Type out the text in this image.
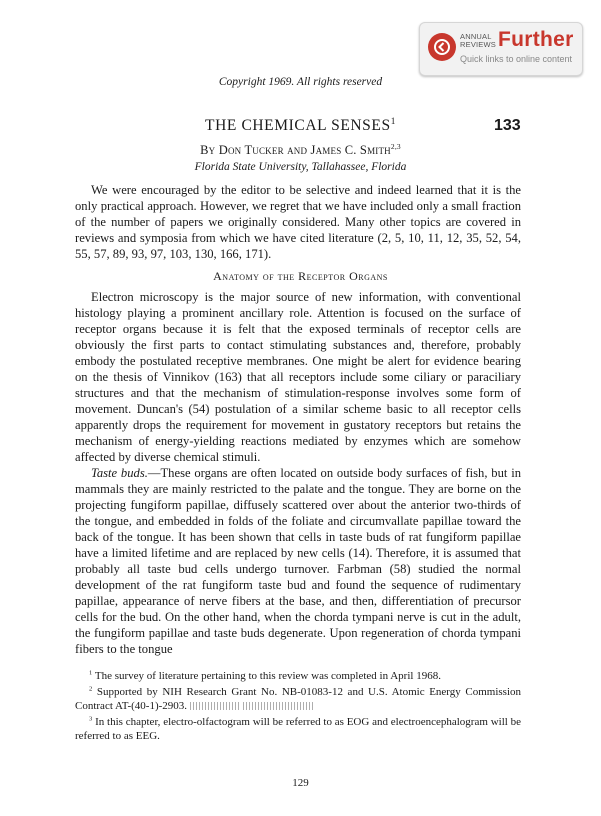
ANNUAL REVIEWS Further
Quick links to online content
Copyright 1969. All rights reserved
133
THE CHEMICAL SENSES$^1$
By Don Tucker and James C. Smith$^{2,3}$
Florida State University, Tallahassee, Florida

We were encouraged by the editor to be selective and indeed learned that it is the only practical approach. However, we regret that we have included only a small fraction of the number of papers we originally considered. Many other topics are covered in reviews and symposia from which we have cited literature (2, 5, 10, 11, 12, 35, 52, 54, 55, 57, 89, 93, 97, 103, 130, 166, 171).

Anatomy of the Receptor Organs

Electron microscopy is the major source of new information, with conventional histology playing a prominent ancillary role. Attention is focused on the surface of receptor organs because it is felt that the exposed terminals of receptor cells are obviously the first parts to contact stimulating substances and, therefore, probably embody the postulated receptive membranes. One might be alert for evidence bearing on the thesis of Vinnikov (163) that all receptors include some ciliary or paraciliary structures and that the mechanism of stimulation-response involves some form of movement. Duncan's (54) postulation of a similar scheme basic to all receptor cells apparently drops the requirement for movement in gustatory receptors but retains the mechanism of energy-yielding reactions mediated by enzymes which are somehow affected by diverse chemical stimuli.

Taste buds.—These organs are often located on outside body surfaces of fish, but in mammals they are mainly restricted to the palate and the tongue. They are borne on the projecting fungiform papillae, diffusely scattered over about the anterior two-thirds of the tongue, and embedded in folds of the foliate and circumvallate papillae toward the back of the tongue. It has been shown that cells in taste buds of rat fungiform papillae have a limited lifetime and are replaced by new cells (14). Therefore, it is assumed that probably all taste bud cells undergo turnover. Farbman (58) studied the normal development of the rat fungiform taste bud and found the sequence of rudimentary papillae, appearance of nerve fibers at the base, and then, differentiation of precursor cells for the bud. On the other hand, when the chorda tympani nerve is cut in the adult, the fungiform papillae and taste buds degenerate. Upon regeneration of chorda tympani fibers to the tongue

$^1$ The survey of literature pertaining to this review was completed in April 1968.

$^2$ Supported by NIH Research Grant No. NB-01083-12 and U.S. Atomic Energy Commission Contract AT-(40-1)-2903.

$^3$ In this chapter, electro-olfactogram will be referred to as EOG and electroencephalogram will be referred to as EEG.

129
